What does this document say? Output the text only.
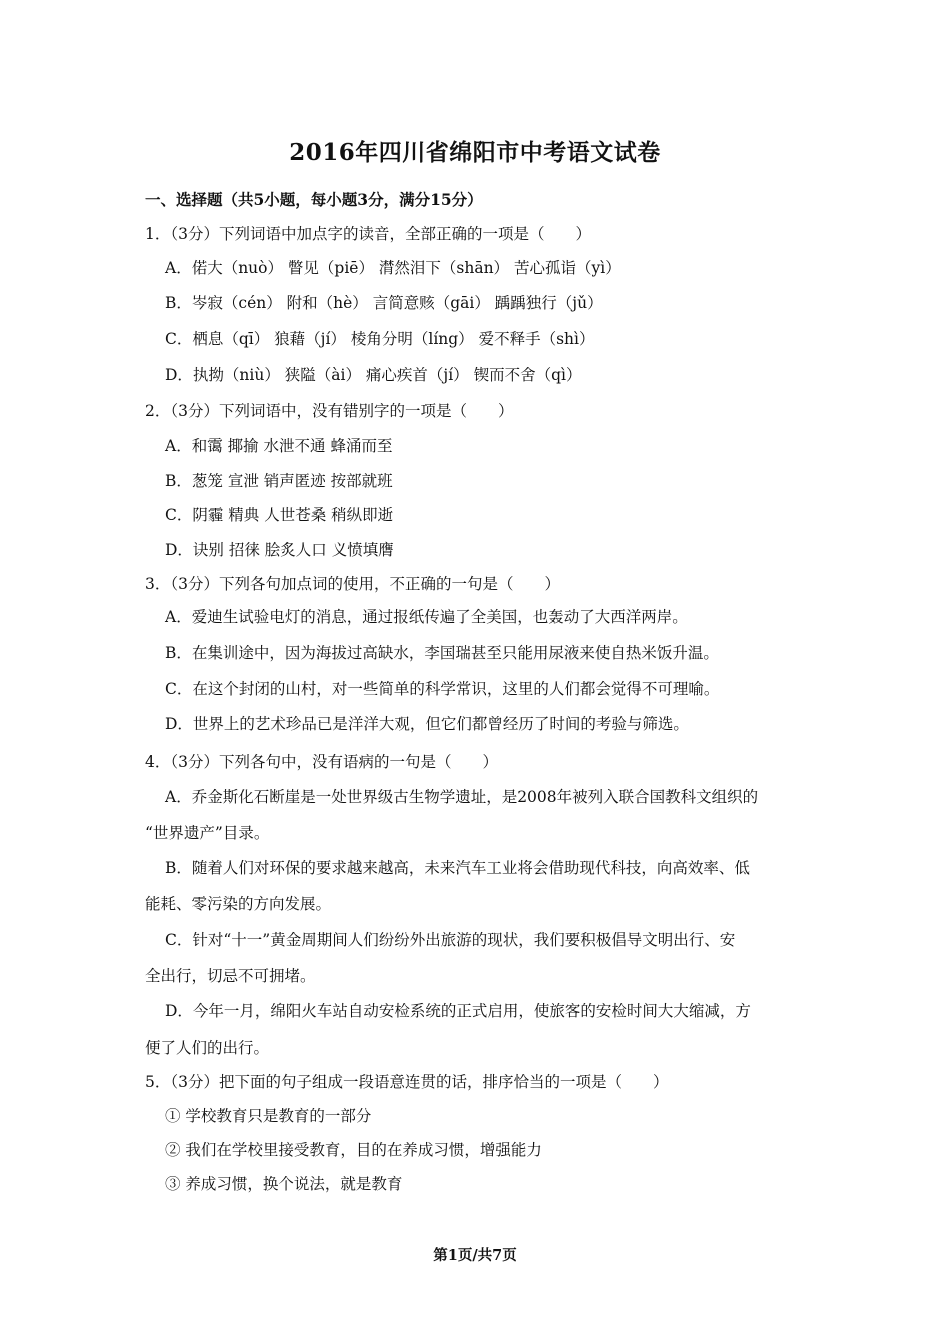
2016年四川省绵阳市中考语文试卷
一、选择题（共5小题，每小题3分，满分15分）
1．（3分）下列词语中加点字的读音，全部正确的一项是（　　）
A．偌大（nuò） 瞥见（piē） 潸然泪下（shān） 苦心孤诣（yì）
B．岑寂（cén） 附和（hè） 言简意赅（gāi） 踽踽独行（jǔ）
C．栖息（qī） 狼藉（jí） 棱角分明（líng） 爱不释手（shì）
D．执拗（niù） 狭隘（ài） 痛心疾首（jí） 锲而不舍（qì）
2．（3分）下列词语中，没有错别字的一项是（　　）
A．和霭 揶揄 水泄不通 蜂涌而至
B．葱笼 宣泄 销声匿迹 按部就班
C．阴霾 精典 人世苍桑 稍纵即逝
D．诀别 招徕 脍炙人口 义愤填膺
3．（3分）下列各句加点词的使用，不正确的一句是（　　）
A．爱迪生试验电灯的消息，通过报纸传遍了全美国，也轰动了大西洋两岸。
B．在集训途中，因为海拔过高缺水，李国瑞甚至只能用尿液来使自热米饭升温。
C．在这个封闭的山村，对一些简单的科学常识，这里的人们都会觉得不可理喻。
D．世界上的艺术珍品已是洋洋大观，但它们都曾经历了时间的考验与筛选。
4．（3分）下列各句中，没有语病的一句是（　　）
A．乔金斯化石断崖是一处世界级古生物学遗址，是2008年被列入联合国教科文组织的
“世界遗产”目录。
B．随着人们对环保的要求越来越高，未来汽车工业将会借助现代科技，向高效率、低
能耗、零污染的方向发展。
C．针对“十一”黄金周期间人们纷纷外出旅游的现状，我们要积极倡导文明出行、安
全出行，切忌不可拥堵。
D．今年一月，绵阳火车站自动安检系统的正式启用，使旅客的安检时间大大缩减，方
便了人们的出行。
5．（3分）把下面的句子组成一段语意连贯的话，排序恰当的一项是（　　）
① 学校教育只是教育的一部分
② 我们在学校里接受教育，目的在养成习惯，增强能力
③ 养成习惯，换个说法，就是教育
第1页/共7页
